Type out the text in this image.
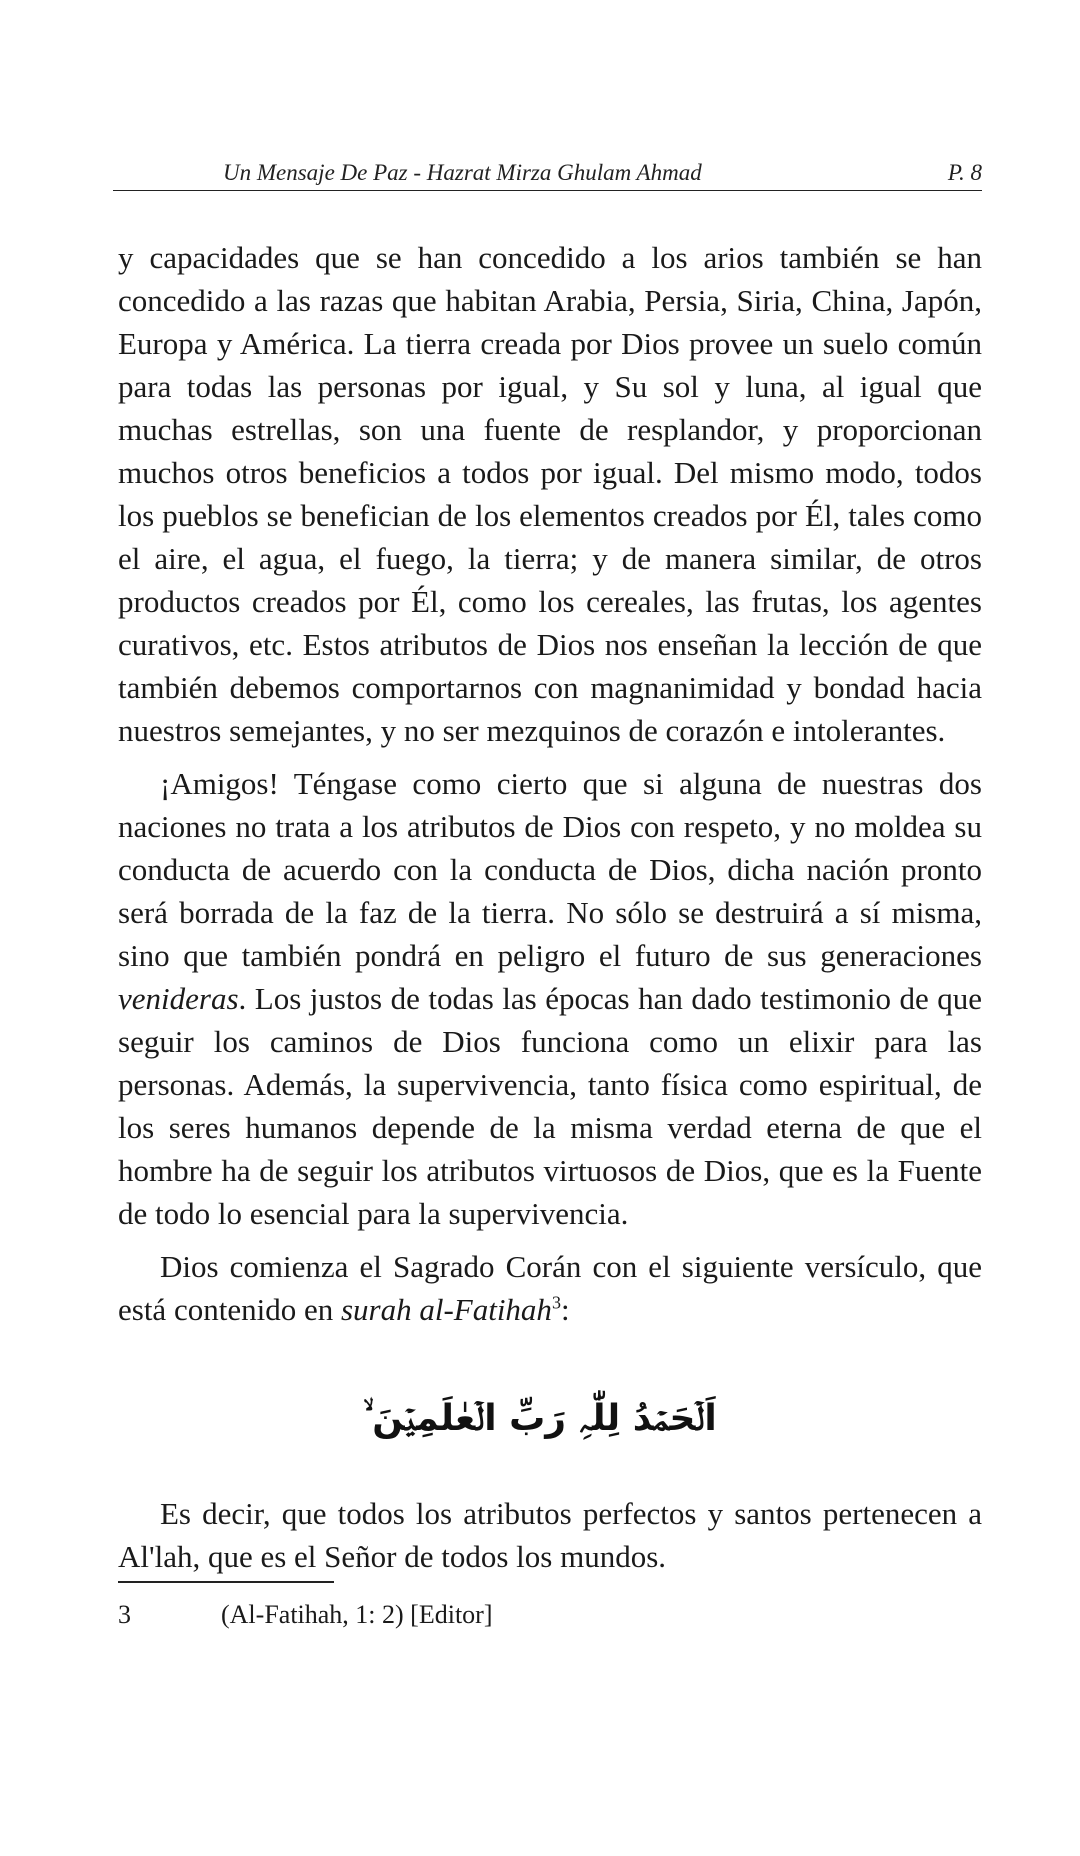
Un Mensaje De Paz - Hazrat Mirza Ghulam Ahmad	P. 8

y capacidades que se han concedido a los arios también se han concedido a las razas que habitan Arabia, Persia, Siria, China, Japón, Europa y América. La tierra creada por Dios provee un suelo común para todas las personas por igual, y Su sol y luna, al igual que muchas estrellas, son una fuente de resplandor, y proporcionan muchos otros beneficios a todos por igual. Del mismo modo, todos los pueblos se benefician de los elementos creados por Él, tales como el aire, el agua, el fuego, la tierra; y de manera similar, de otros productos creados por Él, como los cereales, las frutas, los agentes curativos, etc. Estos atributos de Dios nos enseñan la lección de que también debemos comportarnos con magnanimidad y bondad hacia nuestros semejantes, y no ser mezquinos de corazón e intolerantes.

¡Amigos! Téngase como cierto que si alguna de nuestras dos naciones no trata a los atributos de Dios con respeto, y no moldea su conducta de acuerdo con la conducta de Dios, dicha nación pronto será borrada de la faz de la tierra. No sólo se destruirá a sí misma, sino que también pondrá en peligro el futuro de sus generaciones venideras. Los justos de todas las épocas han dado testimonio de que seguir los caminos de Dios funciona como un elixir para las personas. Además, la supervivencia, tanto física como espiritual, de los seres humanos depende de la misma verdad eterna de que el hombre ha de seguir los atributos virtuosos de Dios, que es la Fuente de todo lo esencial para la supervivencia.

Dios comienza el Sagrado Corán con el siguiente versículo, que está contenido en surah al-Fatihah$^3$:

اَلۡحَمۡدُ لِلّٰہِ رَبِّ الۡعٰلَمِیۡنَ ۙ
Es decir, que todos los atributos perfectos y santos pertenecen a Al'lah, que es el Señor de todos los mundos.
3	(Al-Fatihah, 1: 2) [Editor]
